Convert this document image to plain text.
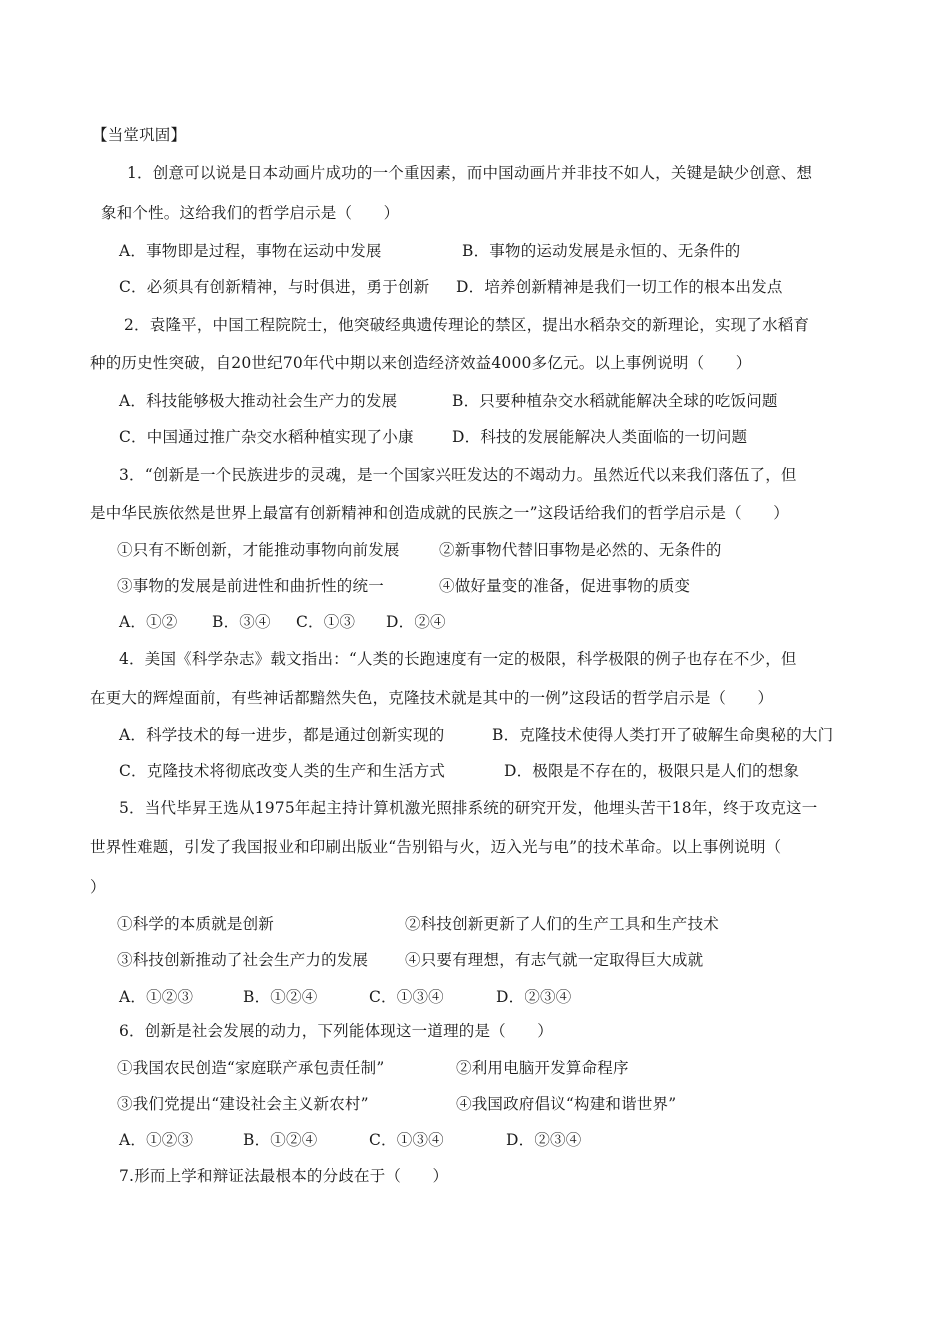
【当堂巩固】
1．创意可以说是日本动画片成功的一个重因素，而中国动画片并非技不如人，关键是缺少创意、想
象和个性。这给我们的哲学启示是（　　）
A．事物即是过程，事物在运动中发展	B．事物的运动发展是永恒的、无条件的
C．必须具有创新精神，与时俱进，勇于创新 D．培养创新精神是我们一切工作的根本出发点
2．袁隆平，中国工程院院士，他突破经典遗传理论的禁区，提出水稻杂交的新理论，实现了水稻育
种的历史性突破，自20世纪70年代中期以来创造经济效益4000多亿元。以上事例说明（　　）
A．科技能够极大推动社会生产力的发展	B．只要种植杂交水稻就能解决全球的吃饭问题
C．中国通过推广杂交水稻种植实现了小康 D．科技的发展能解决人类面临的一切问题
3．“创新是一个民族进步的灵魂，是一个国家兴旺发达的不竭动力。虽然近代以来我们落伍了，但
是中华民族依然是世界上最富有创新精神和创造成就的民族之一”这段话给我们的哲学启示是（　　）
①只有不断创新，才能推动事物向前发展	②新事物代替旧事物是必然的、无条件的
③事物的发展是前进性和曲折性的统一	④做好量变的准备，促进事物的质变
A．①② B．③④ C．①③ D．②④
4．美国《科学杂志》载文指出：“人类的长跑速度有一定的极限，科学极限的例子也存在不少，但
在更大的辉煌面前，有些神话都黯然失色，克隆技术就是其中的一例”这段话的哲学启示是（　　）
A．科学技术的每一进步，都是通过创新实现的	B．克隆技术使得人类打开了破解生命奥秘的大门
C．克隆技术将彻底改变人类的生产和生活方式	D．极限是不存在的，极限只是人们的想象
5．当代毕昇王选从1975年起主持计算机激光照排系统的研究开发，他埋头苦干18年，终于攻克这一
世界性难题，引发了我国报业和印刷出版业“告别铅与火，迈入光与电”的技术革命。以上事例说明（
）
①科学的本质就是创新	②科技创新更新了人们的生产工具和生产技术
③科技创新推动了社会生产力的发展 ④只要有理想，有志气就一定取得巨大成就
A．①②③	B．①②④	C．①③④	D．②③④
6．创新是社会发展的动力，下列能体现这一道理的是（　　）
①我国农民创造“家庭联产承包责任制”	②利用电脑开发算命程序
③我们党提出“建设社会主义新农村”	④我国政府倡议“构建和谐世界”
A．①②③	B．①②④	C．①③④	D．②③④
7.形而上学和辩证法最根本的分歧在于（　　）
